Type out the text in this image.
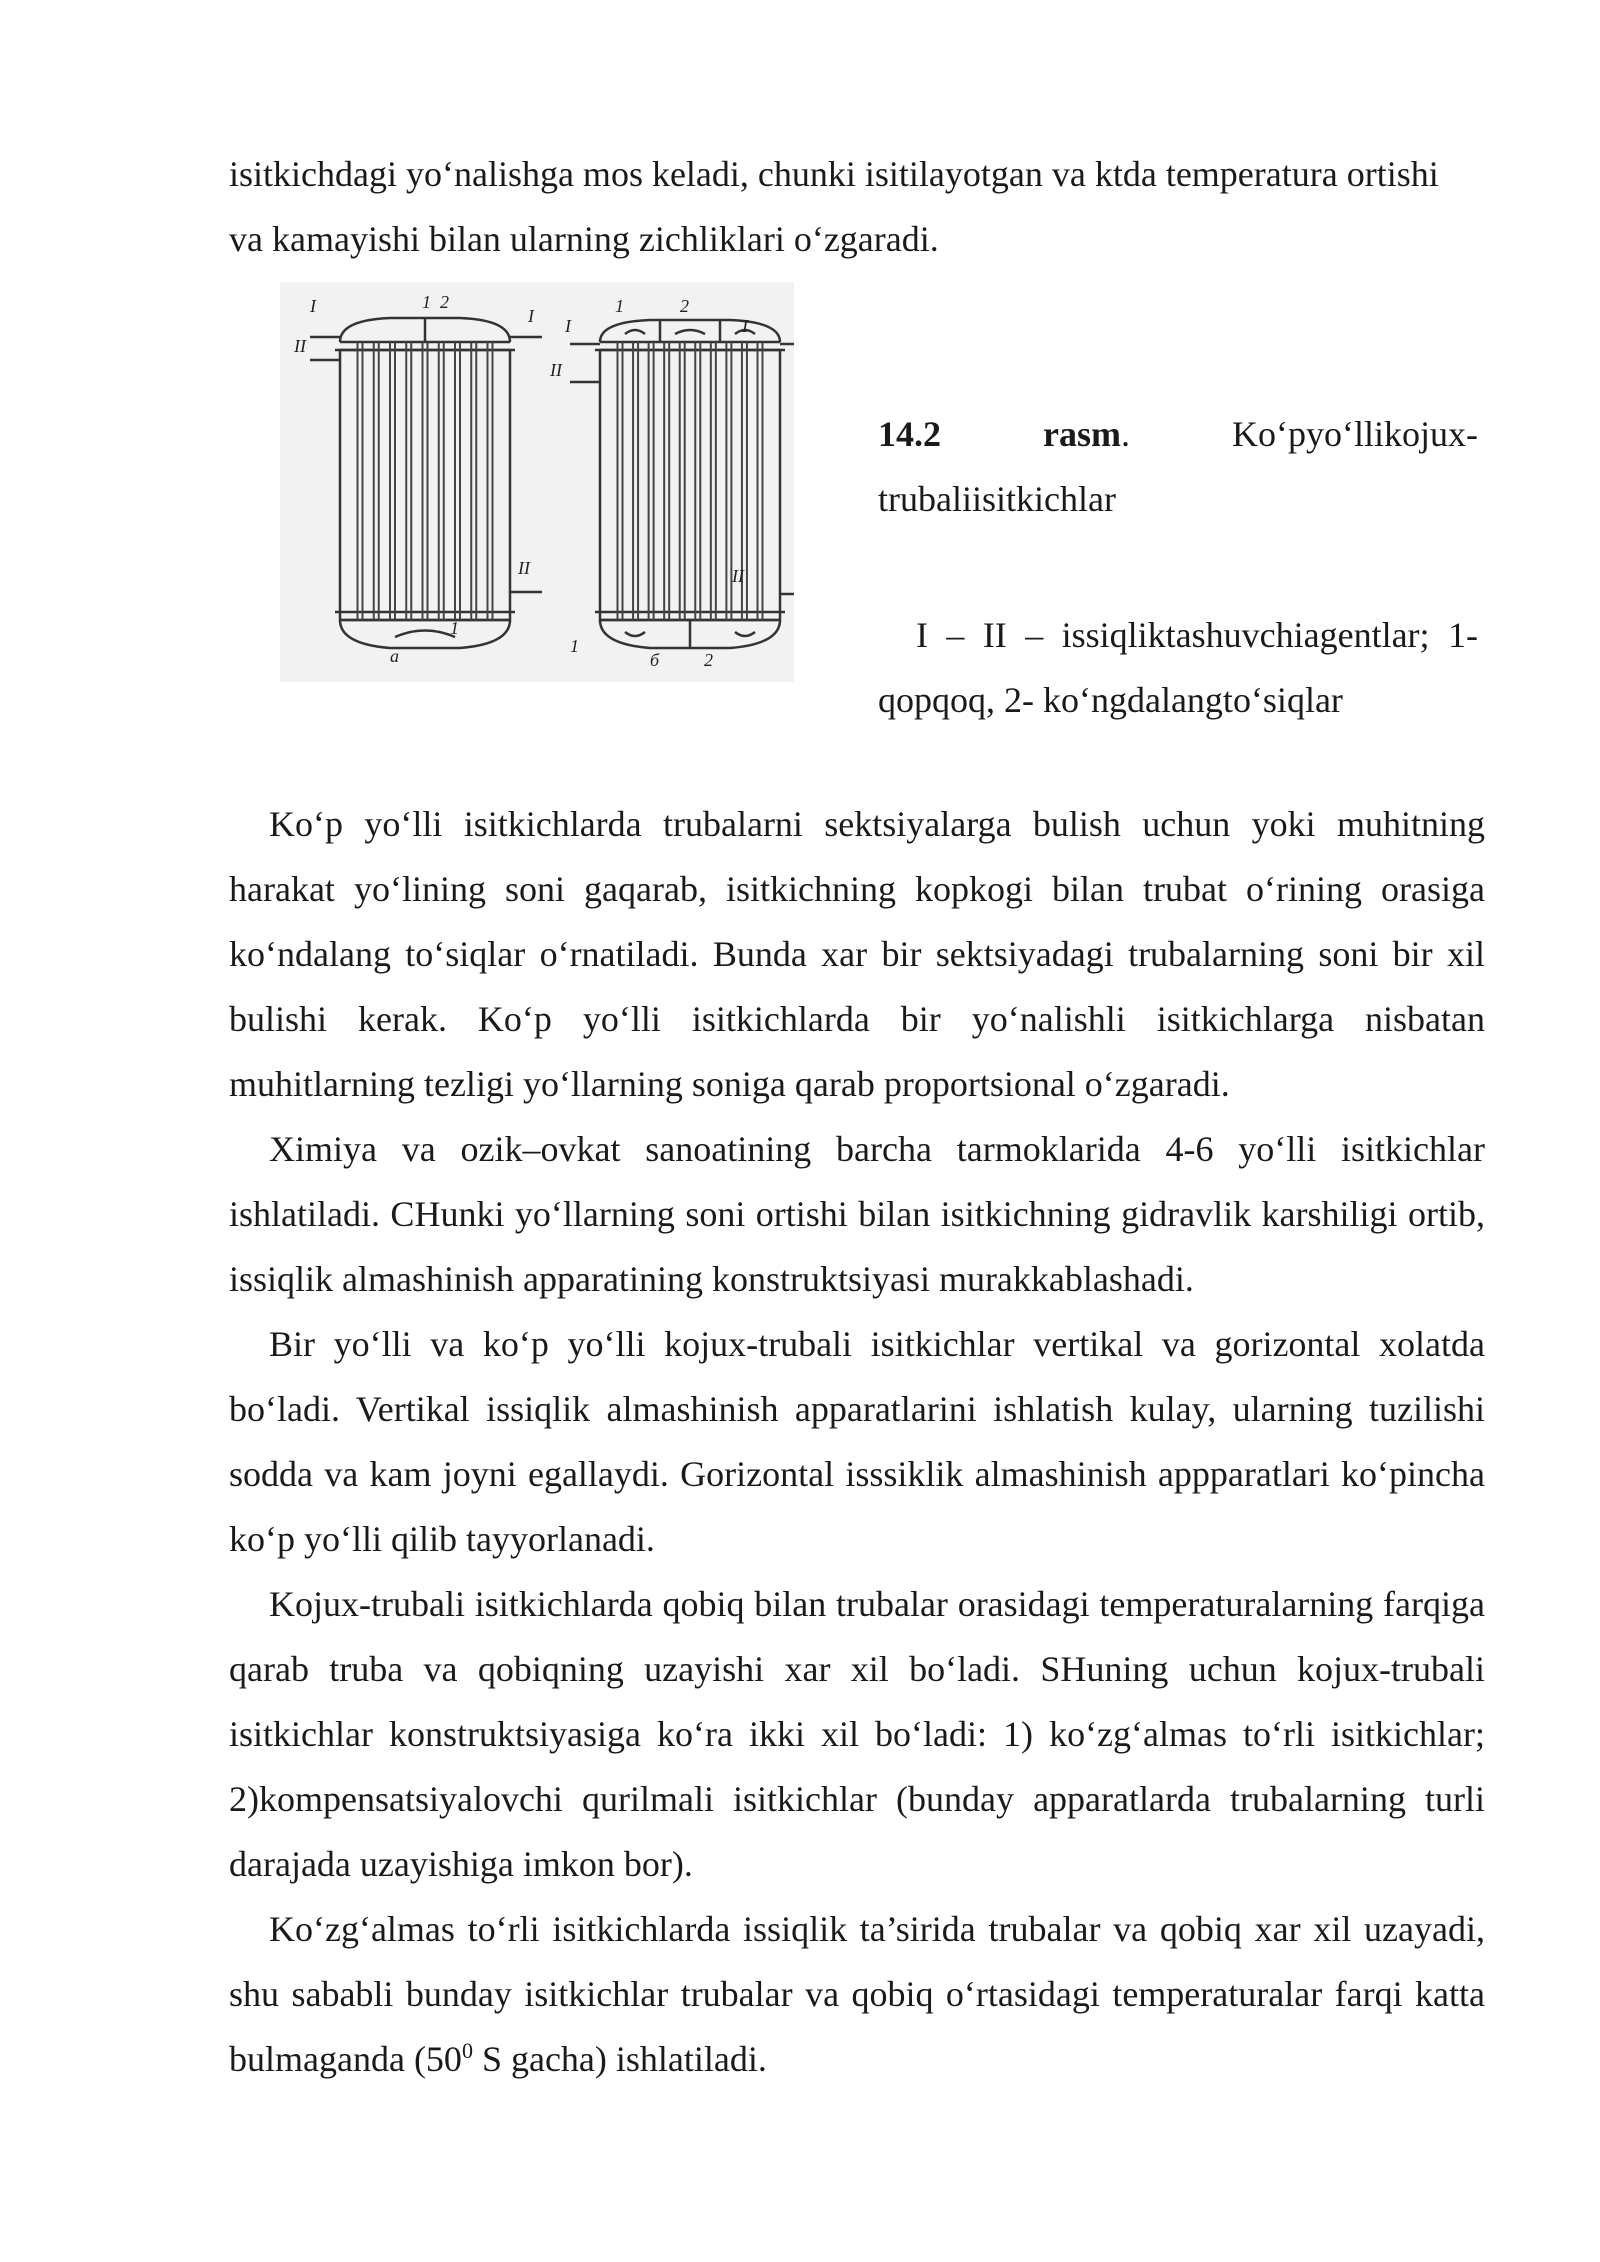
isitkichdagi yo‘nalishga mos keladi, chunki isitilayotgan va ktda temperatura ortishi

va kamayishi bilan ularning zichliklari o‘zgaradi.

I
II
1 2
I
II
1
a
I
II
1	2
I
II
1
2
б
14.2	rasm.	Ko‘pyo‘llikojux-
trubaliisitkichlar
I – II – issiqliktashuvchiagentlar; 1-
qopqoq, 2- ko‘ngdalangto‘siqlar

Ko‘p yo‘lli isitkichlarda trubalarni sektsiyalarga bulish uchun yoki muhitning harakat yo‘lining soni gaqarab, isitkichning kopkogi bilan trubat o‘rining orasiga ko‘ndalang to‘siqlar o‘rnatiladi. Bunda xar bir sektsiyadagi trubalarning soni bir xil bulishi kerak. Ko‘p yo‘lli isitkichlarda bir yo‘nalishli isitkichlarga nisbatan muhitlarning tezligi yo‘llarning soniga qarab proportsional o‘zgaradi.

Ximiya va ozik–ovkat sanoatining barcha tarmoklarida 4-6 yo‘lli isitkichlar ishlatiladi. CHunki yo‘llarning soni ortishi bilan isitkichning gidravlik karshiligi ortib, issiqlik almashinish apparatining konstruktsiyasi murakkablashadi.

Bir yo‘lli va ko‘p yo‘lli kojux-trubali isitkichlar vertikal va gorizontal xolatda bo‘ladi. Vertikal issiqlik almashinish apparatlarini ishlatish kulay, ularning tuzilishi sodda va kam joyni egallaydi. Gorizontal isssiklik almashinish appparatlari ko‘pincha ko‘p yo‘lli qilib tayyorlanadi.

Kojux-trubali isitkichlarda qobiq bilan trubalar orasidagi temperaturalarning farqiga qarab truba va qobiqning uzayishi xar xil bo‘ladi. SHuning uchun kojux-trubali isitkichlar konstruktsiyasiga ko‘ra ikki xil bo‘ladi: 1) ko‘zg‘almas to‘rli isitkichlar; 2)kompensatsiyalovchi qurilmali isitkichlar (bunday apparatlarda trubalarning turli darajada uzayishiga imkon bor).

Ko‘zg‘almas to‘rli isitkichlarda issiqlik ta’sirida trubalar va qobiq xar xil uzayadi, shu sababli bunday isitkichlar trubalar va qobiq o‘rtasidagi temperaturalar farqi katta bulmaganda ($50^0$ S gacha) ishlatiladi.
